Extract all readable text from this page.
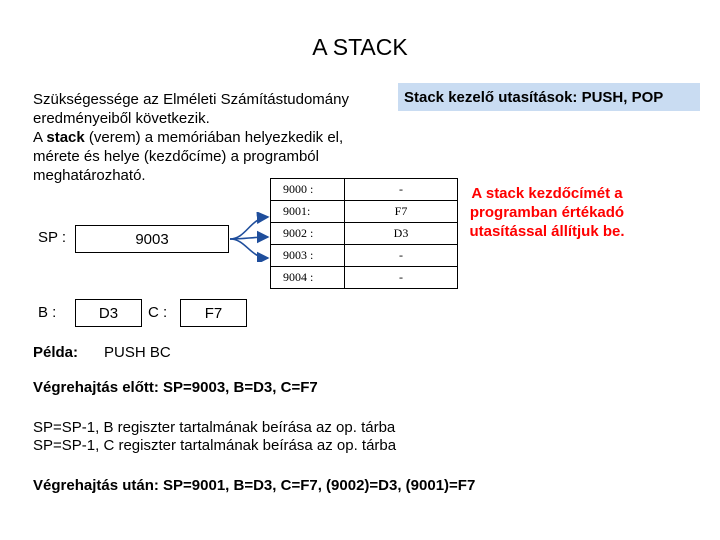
A STACK
Szükségessége az Elméleti Számítástudomány
eredményeiből következik.
A stack (verem) a memóriában helyezkedik el,
mérete és helye (kezdőcíme) a programból
meghatározható.
Stack kezelő utasítások: PUSH, POP
9000 :	-
9001:	F7
9002 :	D3
9003 :	-
9004 :	-
A stack kezdőcímét a
programban értékadó
utasítással állítjuk be.
SP :	9003
B :	D3	C :	F7
Példa: PUSH BC
Végrehajtás előtt: SP=9003, B=D3, C=F7
SP=SP-1, B regiszter tartalmának beírása az op. tárba
SP=SP-1, C regiszter tartalmának beírása az op. tárba
Végrehajtás után: SP=9001, B=D3, C=F7, (9002)=D3, (9001)=F7
